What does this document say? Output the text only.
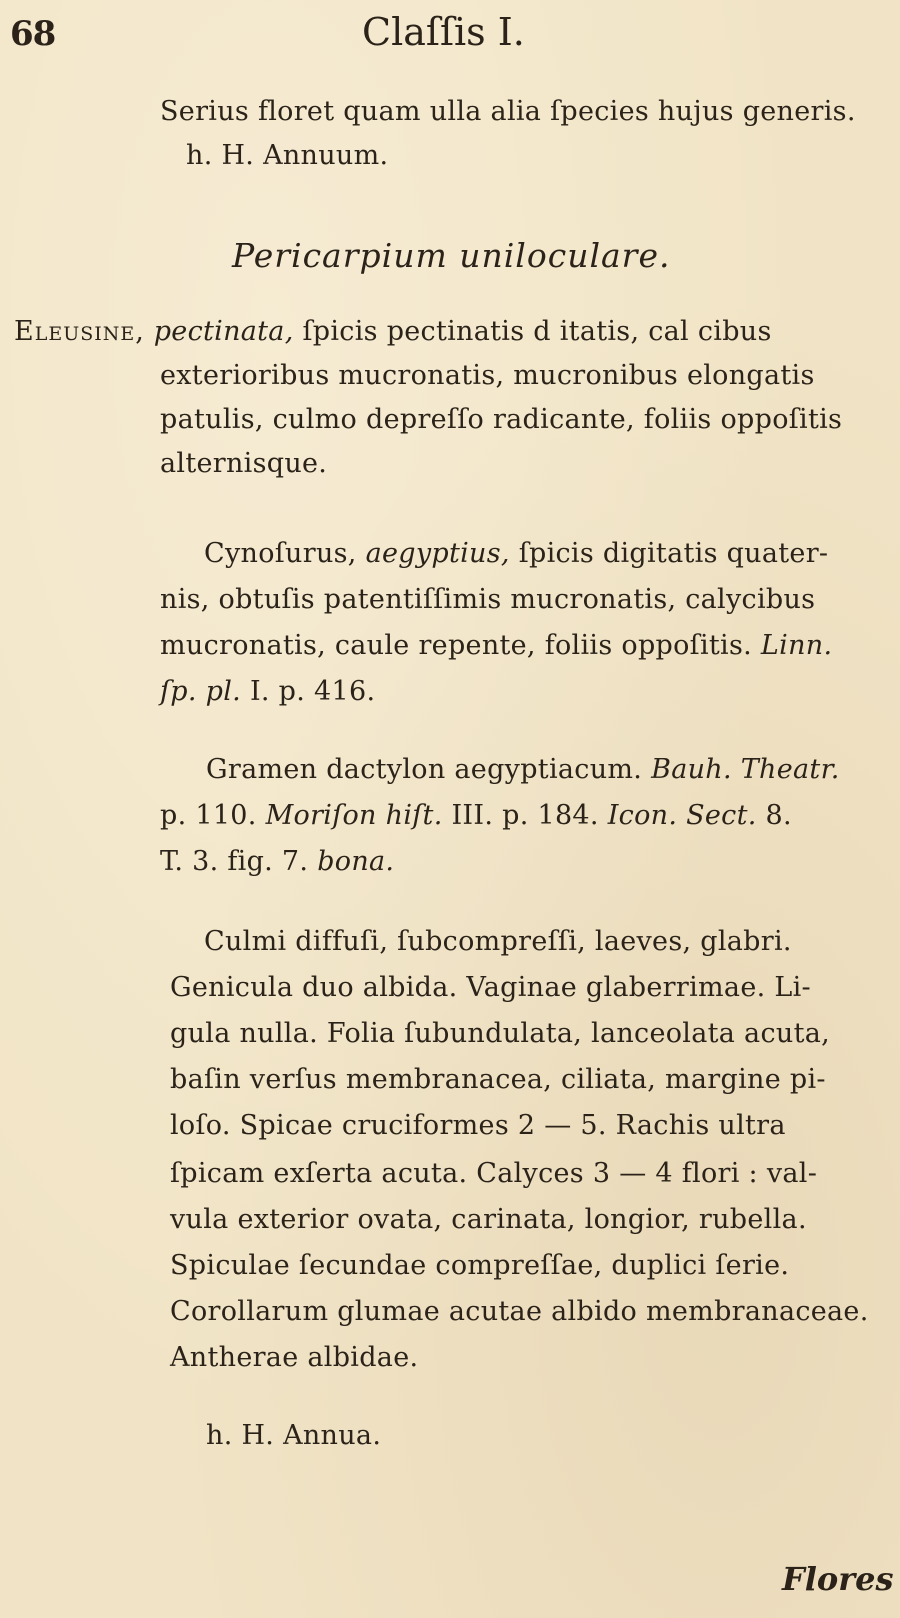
68	Claſſis I.
Serius floret quam ulla alia ſpecies hujus generis.
h. H. Annuum.
Pericarpium uniloculare.
Eleusine, pectinata, ſpicis pectinatis d itatis, cal cibus
exterioribus mucronatis, mucronibus elongatis
patulis, culmo depreſſo radicante, foliis oppoſitis
alternisque.
Cynoſurus, aegyptius, ſpicis digitatis quater-
nis, obtuſis patentiſſimis mucronatis, calycibus
mucronatis, caule repente, foliis oppoſitis. Linn.
ſp. pl. I. p. 416.
Gramen dactylon aegyptiacum. Bauh. Theatr.
p. 110. Moriſon hiſt. III. p. 184. Icon. Sect. 8.
T. 3. fig. 7. bona.
Culmi diffuſi, ſubcompreſſi, laeves, glabri.
Genicula duo albida. Vaginae glaberrimae. Li-
gula nulla. Folia ſubundulata, lanceolata acuta,
baſin verſus membranacea, ciliata, margine pi-
loſo. Spicae cruciformes 2 — 5. Rachis ultra
ſpicam exſerta acuta. Calyces 3 — 4 flori : val-
vula exterior ovata, carinata, longior, rubella.
Spiculae ſecundae compreſſae, duplici ſerie.
Corollarum glumae acutae albido membranaceae.
Antherae albidae.
h. H. Annua.
Flores
